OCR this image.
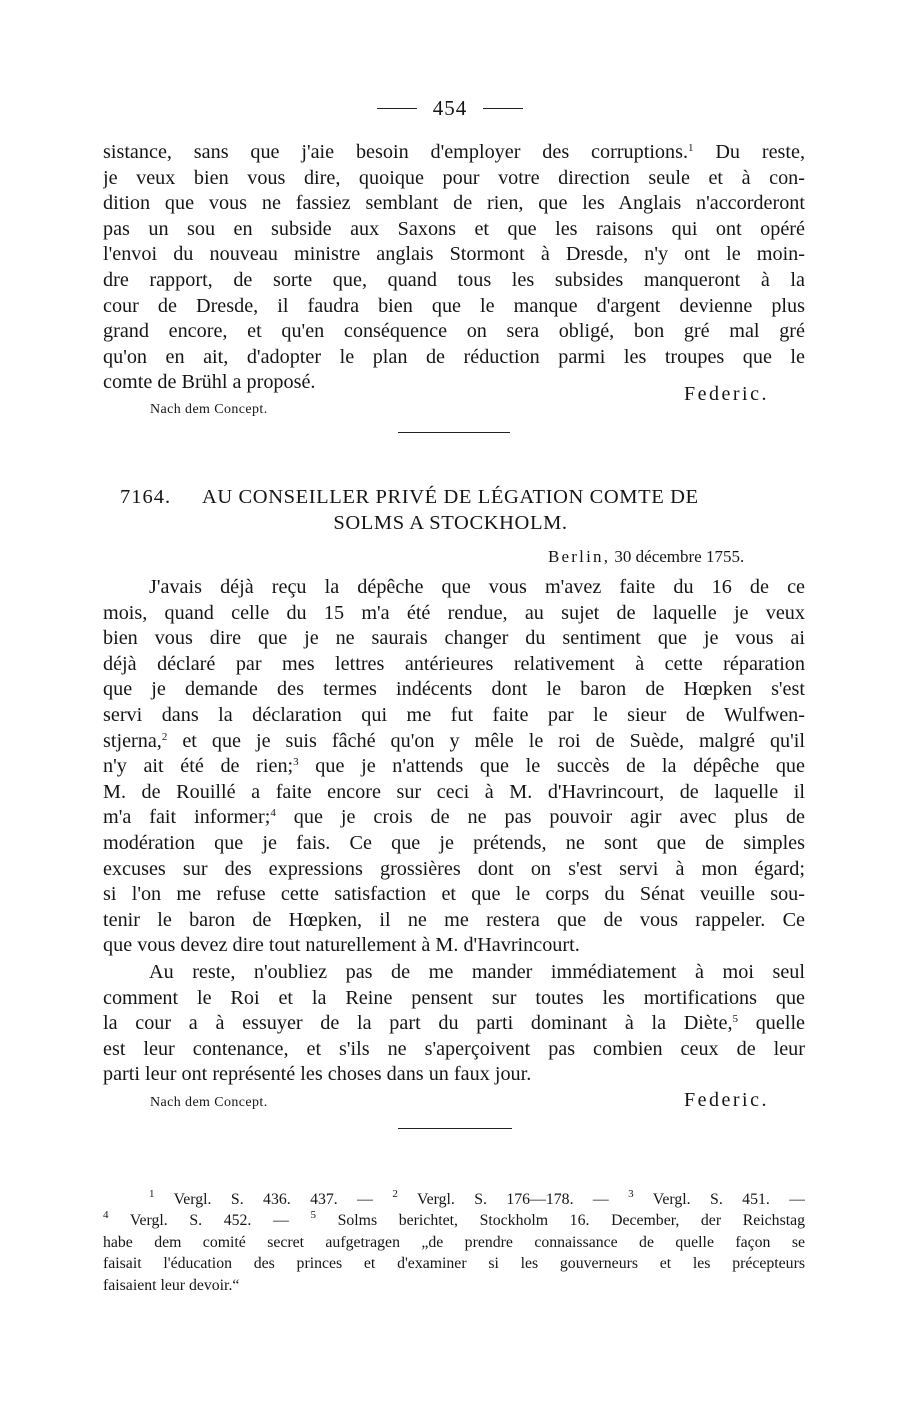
454
sistance, sans que j'aie besoin d'employer des corruptions.$^1$ Du reste,
je veux bien vous dire, quoique pour votre direction seule et à con-
dition que vous ne fassiez semblant de rien, que les Anglais n'accorderont
pas un sou en subside aux Saxons et que les raisons qui ont opéré
l'envoi du nouveau ministre anglais Stormont à Dresde, n'y ont le moin-
dre rapport, de sorte que, quand tous les subsides manqueront à la
cour de Dresde, il faudra bien que le manque d'argent devienne plus
grand encore, et qu'en conséquence on sera obligé, bon gré mal gré
qu'on en ait, d'adopter le plan de réduction parmi les troupes que le
comte de Brühl a proposé.
Federic.
Nach dem Concept.
7164. AU CONSEILLER PRIVÉ DE LÉGATION COMTE DE
SOLMS A STOCKHOLM.
Berlin, 30 décembre 1755.
J'avais déjà reçu la dépêche que vous m'avez faite du 16 de ce
mois, quand celle du 15 m'a été rendue, au sujet de laquelle je veux
bien vous dire que je ne saurais changer du sentiment que je vous ai
déjà déclaré par mes lettres antérieures relativement à cette réparation
que je demande des termes indécents dont le baron de Hœpken s'est
servi dans la déclaration qui me fut faite par le sieur de Wulfwen-
stjerna,$^2$ et que je suis fâché qu'on y mêle le roi de Suède, malgré qu'il
n'y ait été de rien;$^3$ que je n'attends que le succès de la dépêche que
M. de Rouillé a faite encore sur ceci à M. d'Havrincourt, de laquelle il
m'a fait informer;$^4$ que je crois de ne pas pouvoir agir avec plus de
modération que je fais. Ce que je prétends, ne sont que de simples
excuses sur des expressions grossières dont on s'est servi à mon égard;
si l'on me refuse cette satisfaction et que le corps du Sénat veuille sou-
tenir le baron de Hœpken, il ne me restera que de vous rappeler. Ce
que vous devez dire tout naturellement à M. d'Havrincourt.
Au reste, n'oubliez pas de me mander immédiatement à moi seul
comment le Roi et la Reine pensent sur toutes les mortifications que
la cour a à essuyer de la part du parti dominant à la Diète,$^5$ quelle
est leur contenance, et s'ils ne s'aperçoivent pas combien ceux de leur
parti leur ont représenté les choses dans un faux jour.
Nach dem Concept.	Federic.
$^1$ Vergl. S. 436. 437. — $^2$ Vergl. S. 176—178. — $^3$ Vergl. S. 451. —
$^4$ Vergl. S. 452. — $^5$ Solms berichtet, Stockholm 16. December, der Reichstag
habe dem comité secret aufgetragen „de prendre connaissance de quelle façon se
faisait l'éducation des princes et d'examiner si les gouverneurs et les précepteurs
faisaient leur devoir.“
